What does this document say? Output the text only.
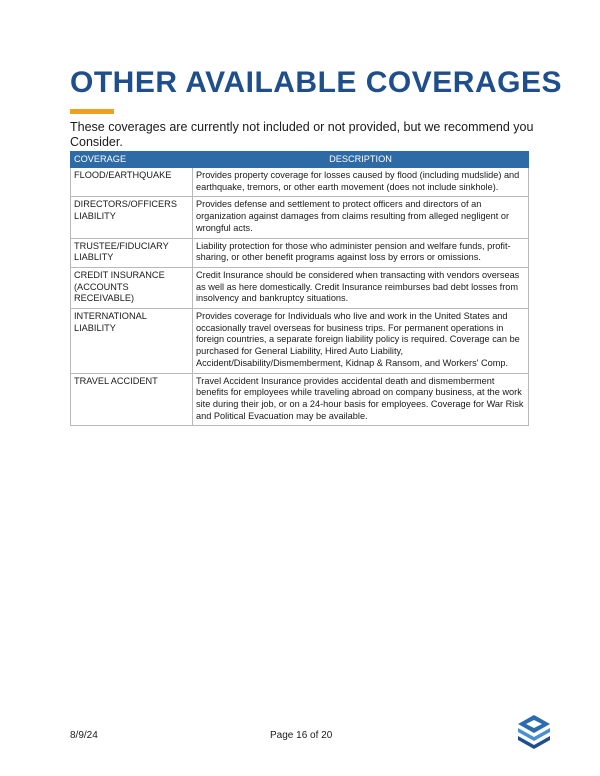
OTHER AVAILABLE COVERAGES

These coverages are currently not included or not provided, but we recommend you Consider.

COVERAGE	DESCRIPTION
FLOOD/EARTHQUAKE	Provides property coverage for losses caused by flood (including mudslide) and earthquake, tremors, or other earth movement (does not include sinkhole).
DIRECTORS/OFFICERS LIABILITY	Provides defense and settlement to protect officers and directors of an organization against damages from claims resulting from alleged negligent or wrongful acts.
TRUSTEE/FIDUCIARY LIABLITY	Liability protection for those who administer pension and welfare funds, profit-sharing, or other benefit programs against loss by errors or omissions.
CREDIT INSURANCE (ACCOUNTS RECEIVABLE)	Credit Insurance should be considered when transacting with vendors overseas as well as here domestically. Credit Insurance reimburses bad debt losses from insolvency and bankruptcy situations.
INTERNATIONAL LIABILITY	Provides coverage for Individuals who live and work in the United States and occasionally travel overseas for business trips. For permanent operations in foreign countries, a separate foreign liability policy is required. Coverage can be purchased for General Liability, Hired Auto Liability, Accident/Disability/Dismemberment, Kidnap & Ransom, and Workers' Comp.
TRAVEL ACCIDENT	Travel Accident Insurance provides accidental death and dismemberment benefits for employees while traveling abroad on company business, at the work site during their job, or on a 24-hour basis for employees. Coverage for War Risk and Political Evacuation may be available.
8/9/24	Page 16 of 20
